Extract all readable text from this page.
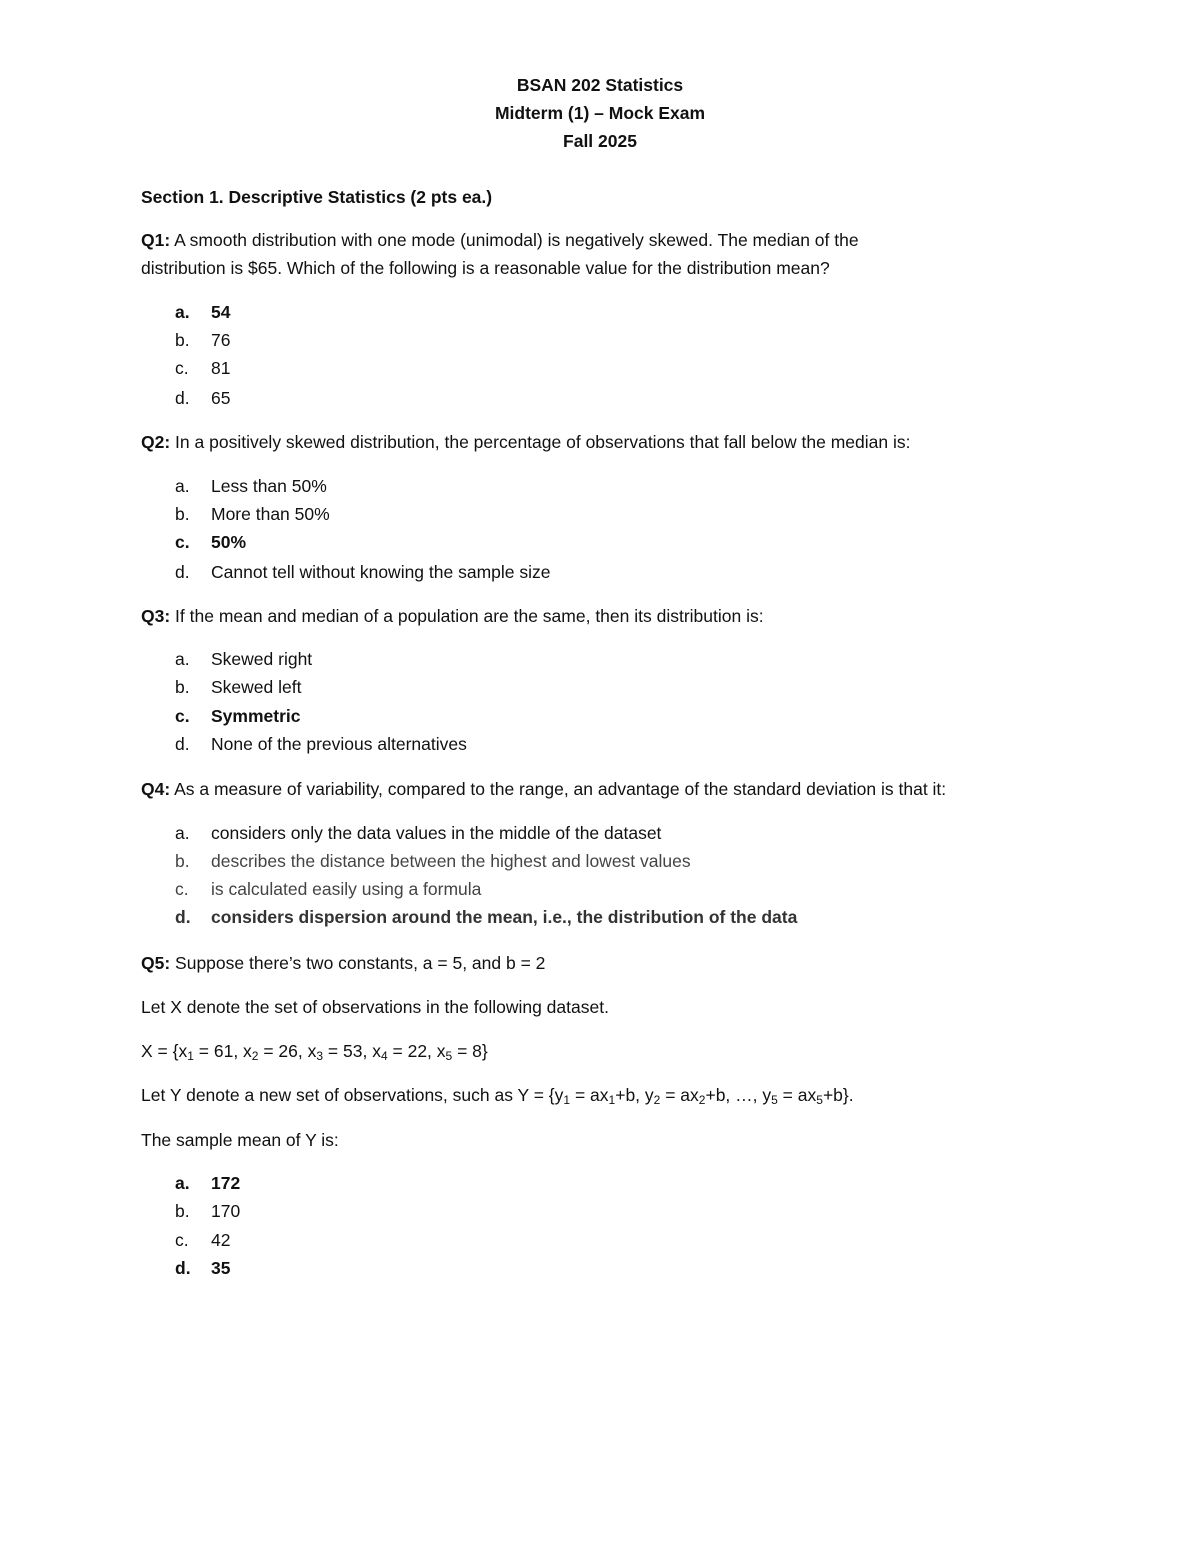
BSAN 202 Statistics
Midterm (1) – Mock Exam
Fall 2025
Section 1. Descriptive Statistics (2 pts ea.)
Q1: A smooth distribution with one mode (unimodal) is negatively skewed. The median of the
distribution is $65. Which of the following is a reasonable value for the distribution mean?
a. 54
b. 76
c. 81
d. 65
Q2: In a positively skewed distribution, the percentage of observations that fall below the median is:
a. Less than 50%
b. More than 50%
c. 50%
d. Cannot tell without knowing the sample size
Q3: If the mean and median of a population are the same, then its distribution is:
a. Skewed right
b. Skewed left
c. Symmetric
d. None of the previous alternatives
Q4: As a measure of variability, compared to the range, an advantage of the standard deviation is that it:
a. considers only the data values in the middle of the dataset
b. describes the distance between the highest and lowest values
c. is calculated easily using a formula
d. considers dispersion around the mean, i.e., the distribution of the data
Q5: Suppose there’s two constants, a = 5, and b = 2
Let X denote the set of observations in the following dataset.
$X = \{x_1 = 61$, $x_2 = 26$, $x_3 = 53$, $x_4 = 22$, $x_5 = 8$}
Let Y denote a new set of observations, such as $Y = \{y_1 = ax_1+b$, $y_2 = ax_2+b$, …, $y_5 = ax_5+b$}.
The sample mean of Y is:
a. 172
b. 170
c. 42
d. 35
